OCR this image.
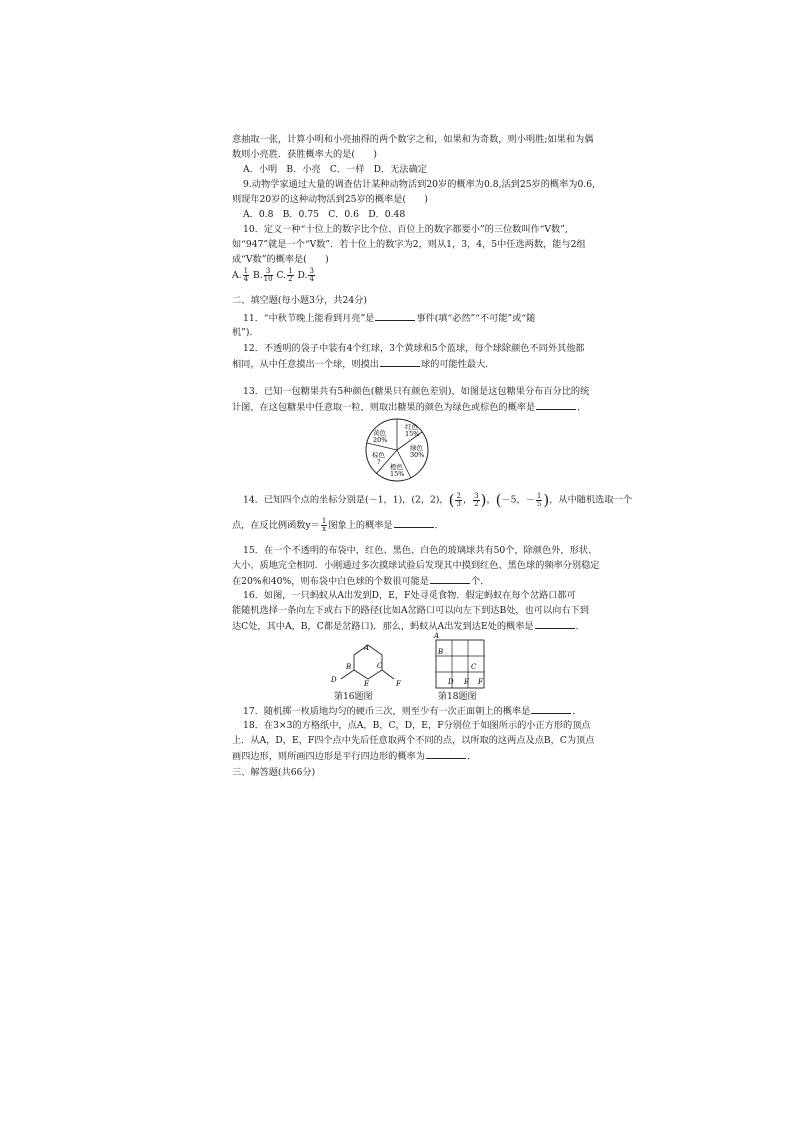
意抽取一张，计算小明和小亮抽得的两个数字之和，如果和为奇数，则小明胜;如果和为偶
数则小亮胜．获胜概率大的是(　　)
A．小明　B．小亮　C．一样　D．无法确定
9.动物学家通过大量的调查估计某种动物活到20岁的概率为0.8,活到25岁的概率为0.6,
则现年20岁的这种动物活到25岁的概率是(　　)
A．0.8　B．0.75　C．0.6　D．0.48
10．定义一种“十位上的数字比个位、百位上的数字都要小”的三位数叫作“V数”,
如“947”就是一个“V数”．若十位上的数字为2，则从1，3，4，5中任选两数，能与2组
成“V数”的概率是(　　)
A. $\frac{1}{4} B$. $\frac{3}{10} C$. $\frac{1}{2} D$. $\frac{3}{4}$
二、填空题(每小题3分，共24分)
11．“中秋节晚上能看到月亮”是	事件(填“必然”“不可能”或“随
机”)．
12．不透明的袋子中装有4个红球，3个黄球和5个蓝球，每个球除颜色不同外其他都
相同，从中任意摸出一个球，则摸出	球的可能性最大．
13．已知一包糖果共有5种颜色(糖果只有颜色差别)，如图是这包糖果分布百分比的统
计图，在这包糖果中任意取一粒，则取出糖果的颜色为绿色或棕色的概率是	．
红色
15%
绿色
30%
橙色
15%
棕色
?
黄色
20%
14．已知四个点的坐标分别是(－1，1)，(2，2)，( $\frac{2}{3}$ ， $\frac{3}{2}$ )，(－5，－ $\frac{1}{5}$ )，从中随机选取一个
点，在反比例函数$y= \frac{1}{x}$ 图象上的概率是	．
15．在一个不透明的布袋中，红色、黑色、白色的玻璃球共有50个，除颜色外，形状、
大小、质地完全相同．小刚通过多次摸球试验后发现其中摸到红色、黑色球的频率分别稳定
在20%和40%，则布袋中白色球的个数很可能是	个．
16．如图，一只蚂蚁从A出发到D，E，F处寻觅食物．假定蚂蚁在每个岔路口都可
能随机选择一条向左下或右下的路径(比如A岔路口可以向左下到达B处，也可以向右下到
达C处，其中A，B，C都是岔路口)．那么，蚂蚁从A出发到达E处的概率是	．
A
B	C
D	E	F
第16题图
A
B
C
D E F
第18题图
17．随机掷一枚质地均匀的硬币三次，则至少有一次正面朝上的概率是	．
18．在3×3的方格纸中，点A，B，C，D，E，F分别位于如图所示的小正方形的顶点
上．从A，D，E，F四个点中先后任意取两个不同的点，以所取的这两点及点B，C为顶点
画四边形，则所画四边形是平行四边形的概率为	．
三、解答题(共66分)
